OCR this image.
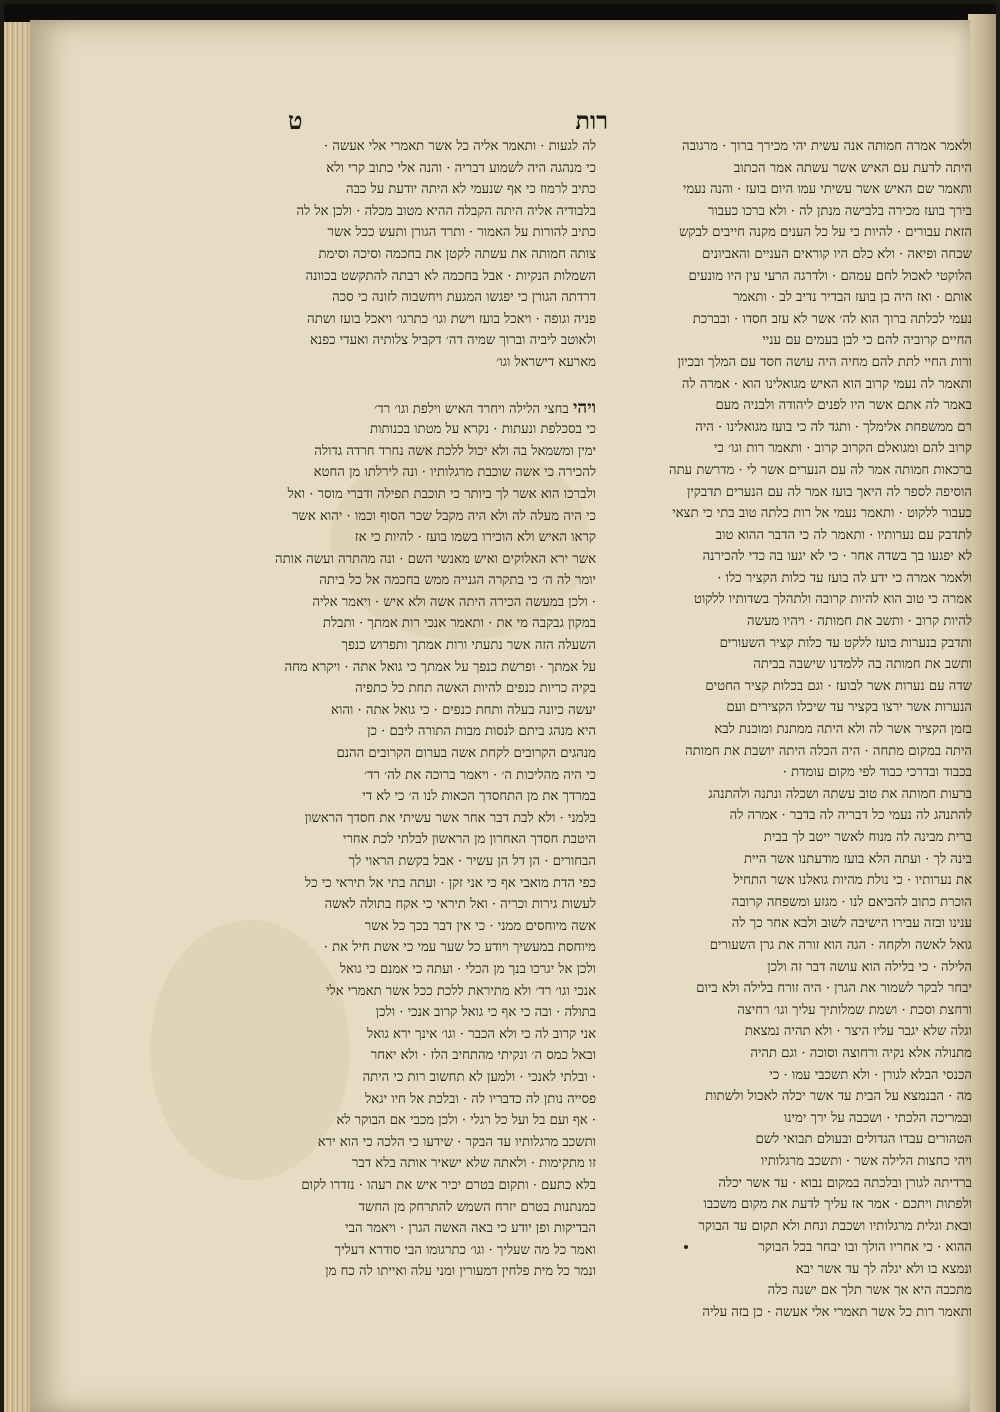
רות
ט
ולאמר אמרה חמותה אנה עשית יהי מכירך ברוך · מרגובה
היתה לדעת עם האיש אשר עשתה אמר הכתוב
ותאמר שם האיש אשר עשיתי עמו היום בועז · והנה נעמי
בירך בועז מכירה בלבישה מנתן לה · ולא ברכו כעבור
הזאת עבורים · להיות כי על כל הענים מקנה חייבים לבקש
שכחה ופיאה · ולא כלם היו קוראים העניים והאביונים
הלוקטי לאכול לחם עמהם · ולדרגה הרעי עין היו מונעים
אותם · ואז היה בן בועז הבדיר נדיב לב · ותאמר
נעמי לכלתה ברוך הוא לה׳ אשר לא עזב חסדו · ובברכת
החיים קרוביה להם כי לבן בעמים עם עניי
ורות החיי לתת להם מחיה היה עושה חסד עם המלך ובכיון
ותאמר לה נעמי קרוב הוא האיש מגואלינו הוא · אמרה לה
באמר לה אתם אשר היו לפנים ליהודה ולבניה מעם
רם ממשפחת אלימלך · ותגד לה כי בועז מגואלינו · היה
קרוב להם ומגואלם הקרוב קרוב · ותאמר רות וגו׳ כי
ברכאות חמותה אמר לה עם הנערים אשר לי · מדרשת עתה
הוסיפה לספר לה היאך בועז אמר לה עם הנערים תדבקין
כעבור ללקוט · ותאמר נעמי אל רות כלתה טוב בתי כי תצאי
לתדבק עם נערותיו · ותאמר לה כי הדבר ההוא טוב
לא יפגעו בך בשדה אחר · כי לא יגעו בה כדי להכירנה
ולאמר אמרה כי ידע לה בועז עד כלות הקציר כלו ·
אמרה כי טוב הוא להיות קרובה ולתהלך בשדותיו ללקוט
להיות קרוב · ותשב את חמותה · ויהיו מעשה
ותדבק בנערות בועז ללקט עד כלות קציר השעורים
ותשב את חמותה בה ללמדנו שישבה בביתה
שדה עם נערות אשר לבועז · וגם בכלות קציר החטים
הנערות אשר ירצו בקציר עד שיכלו הקצירים ועם
בזמן הקציר אשר לה ולא היתה ממתנת ומוכנת לבא
היתה במקום מתחה · היה הכלה היתה יושבת את חמותה
בכבוד ובדרכי כבוד לפי מקום עומדת ·
ברעות חמותה את טוב עשתה ושכלה ונתנה ולהתנהג
להתנהג לה נעמי כל דבריה לה בדבר · אמרה לה
ברית מבינה לה מנוח לאשר ייטב לך בבית
בינה לך · ועתה הלא בועז מודעתנו אשר היית
את נערותיו · כי נולת מהיות גואלנו אשר התחיל
הוכרת כתוב להביאם לנו · מגזע ומשפחה קרובה
ענינו ובזה עבירו הישיבה לשוב ולבא אחר כך לה
גואל לאשה ולקחה · הגה הוא זורה את גרן השעורים
הלילה · כי בלילה הוא עושה דבר זה ולכן
יבחר לבקר לשמור את הגרן · היה זורח בלילה ולא ביום
ורחצת וסכת · ושמת שמלותיך עליך וגו׳ רחיצה
וגלה שלא יגבר עליו היצר · ולא תהיה נמצאת
מתנולה אלא נקיה ורחוצה וסוכה · וגם תהיה
הכנסי הבלא לגורן · ולא תשכבי עמו · כי
מה · הבנמצא על הבית עד אשר יכלה לאכול ולשתות
ובמריכה הלכתי · ושכבה על ירך ימינו
הטהורים עבדו הגדולים ובעולם תבואי לשם
ויהי כחצות הלילה אשר · ותשכב מרגלותיו
ברדיתה לגורן ובלכתה במקום נבוא · עד אשר יכלה
ולפתות ויתכם · אמר אז עליך לדעת את מקום משכבו
ובאת וגלית מרגלותיו ושכבת ונחת ולא תקום עד הבוקר
ההוא · כי אחריו הולך ובו יבחר בכל הבוקר
ונמצא בו ולא יגלה לך עד אשר יבא
מתכבה היא אך אשר תלך אם ישנה כלה
ותאמר רות כל אשר תאמרי אלי אעשה · כן בזה עליה
לה לגעות · ותאמר אליה כל אשר תאמרי אלי אעשה ·
כי מנהגה היה לשמוע דבריה · והנה אלי כתוב קרי ולא
כתיב לרמוז כי אף שנעמי לא היתה יודעת על כבה
בלבודיה אליה היתה הקבלה ההיא מטוב מכלה · ולכן אל לה
כתיב להורות על האמור · ותרד הגורן ותעש ככל אשר
צותה חמותה את עשתה לקטן את בחכמה וסיכה וסימת
השמלות הנקיות · אבל בחכמה לא רבתה להתקשט בכוונה
דרדתה הגורן כי יפגשו המגעת ויחשבוה לזונה כי סכה
פניה וגופה · ויאכל בועז וישת וגו׳ כתרגו׳ ויאכל בועז ושתה
ולאוטב ליביה וברוך שמיה דה׳ דקביל צלותיה ואעדי כפנא
מארעא דישראל וגו׳
ויהי בחצי הלילה ויחרד האיש וילפת וגו׳ רד׳
כי בסכלפת ונעתות · נקרא על מטתו בכנותות
ימין ומשמאל בה ולא יכול ללכת אשה נחרד חרדה גדולה
להכירה כי אשה שוכבת מרגלותיו · ונה לירלתו מן החטא
ולברכו הוא אשר לך ביותר כי תוכבת תפילה ודברי מוסר · ואל
כי היה מעלה לה ולא היה מקבל שכר הסוף וכמו · יהוא אשר
קראו האיש ולא הוכירו בשמו בועז · להיות כי אז
אשר ירא האלוקים ואיש מאנשי השם · ונה מהתרה ועשה אותה
יומר לה ה׳ כי בתקרה הגנייה ממש בחכמה אל כל ביתה
· ולכן במעשה הכירה היתה אשה ולא איש · ויאמר אליה
במקון גבקבה מי את · ותאמר אנכי רות אמתך · ותבלת
השעלה הזה אשר נתעתי ורות אמתך ותפרוש כנפך
על אמתך · ופרשת כנפך על אמתך כי גואל אתה · ויקרא מחה
בקיה כריות כנפים להיות האשה תחת כל כתפיה
יעשה כיונה בעלה ותחת כנפים · כי גואל אתה · והוא
היא מנהג ביתם לנסות מבות התורה ליבם · כן
מנהגים הקרובים לקחת אשה בערום הקרובים ההנם
כי היה מהליכות ה׳ · ויאמר ברוכה את לה׳ רד׳
במרדך את מן התחסדך הכאות לנו ה׳ כי לא די
בלמני · ולא לבת דבר אחר אשר עשיתי את חסדך הראשון
היטבת חסדך האחרון מן הראשון לבלתי לכת אחרי
הבחורים · הן דל הן עשיר · אבל בקשת הראוי לך
כפי הדת מואבי אף כי אני זקן · ועתה בתי אל תיראי כי כל
לעשות גירות וכריה · ואל תיראי כי אקח בתולה לאשה
אשה מיוחסים ממני · כי אין דבר בכך כל אשר
מיוחסת במעשיך ויודע כל שער עמי כי אשת חיל את ·
ולכן אל יגרכו בנך מן הכלי · ועתה כי אמנם כי גואל
אנכי וגו׳ רד׳ ולא מתיראת ללכת ככל אשר תאמרי אלי
בתולה · ובה כי אף כי גואל קרוב אנכי · ולכן
אני קרוב לה כי ולא הכבר · וגו׳ אינך ירא גואל
ובאל כמס ה׳ ונקיתי מהתחיב הלז · ולא יאחר
· ובלתי לאנכי · ולמען לא תחשוב רות כי היתה
פסייה נותן לה כדבריו לה · ובלכת אל חיו יגאל
· אף ועם בל ועל כל רגלי · ולכן מכבי אם הבוקר לא
ותשכב מרגלותיו עד הבקר · שידעו כי הלכה כי הוא ירא
זו מתקימות · ולאתה שלא ישאיר אותה בלא דבר
בלא כתעם · ותקום בטרם יכיר איש את רעהו · נזדרו לקום
כמנתנות בטרם יזרח השמש להתרחק מן החשד
הבדיקות ופן יודע כי באה האשה הגרן · ויאמר הבי
ואמר כל מה שעליך · וגו׳ כתרגומו הבי סודרא דעליך
ונמר כל מית פלחין דמעורין ומני עלה ואייתו לה כח מן
